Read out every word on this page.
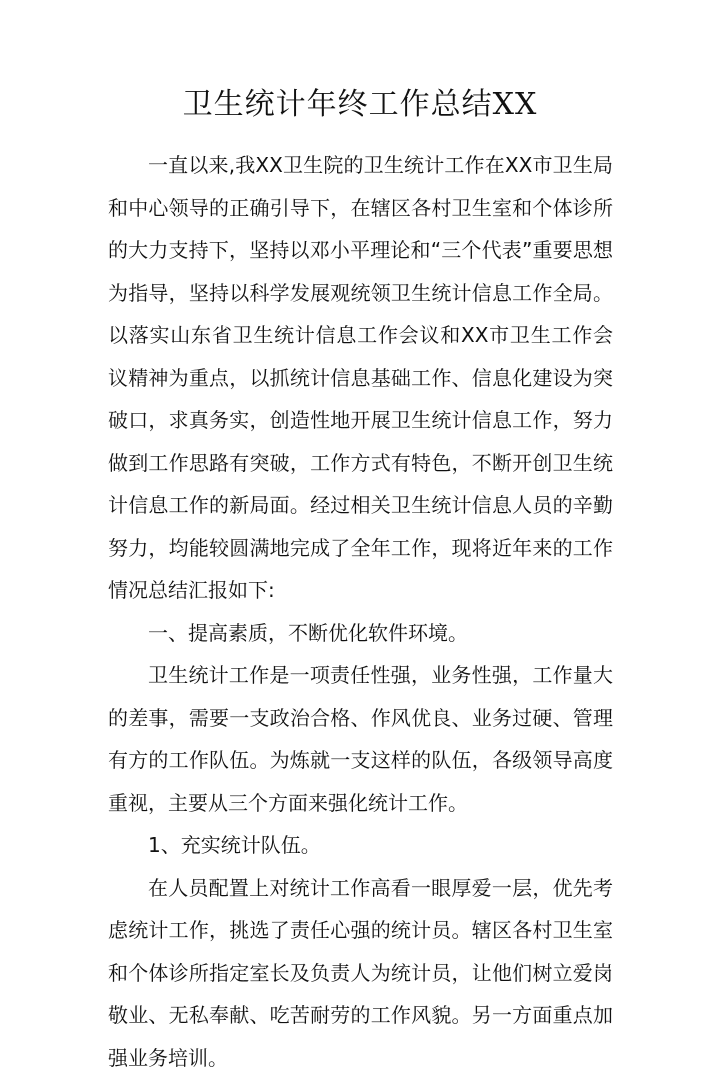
卫生统计年终工作总结XX

一直以来,我XX卫生院的卫生统计工作在XX市卫生局和中心领导的正确引导下，在辖区各村卫生室和个体诊所的大力支持下，坚持以邓小平理论和“三个代表”重要思想为指导，坚持以科学发展观统领卫生统计信息工作全局。以落实山东省卫生统计信息工作会议和XX市卫生工作会议精神为重点，以抓统计信息基础工作、信息化建设为突破口，求真务实，创造性地开展卫生统计信息工作，努力做到工作思路有突破，工作方式有特色，不断开创卫生统计信息工作的新局面。经过相关卫生统计信息人员的辛勤努力，均能较圆满地完成了全年工作，现将近年来的工作情况总结汇报如下:

一、提高素质，不断优化软件环境。

卫生统计工作是一项责任性强，业务性强，工作量大的差事，需要一支政治合格、作风优良、业务过硬、管理有方的工作队伍。为炼就一支这样的队伍，各级领导高度重视，主要从三个方面来强化统计工作。

1、充实统计队伍。

在人员配置上对统计工作高看一眼厚爱一层，优先考虑统计工作，挑选了责任心强的统计员。辖区各村卫生室和个体诊所指定室长及负责人为统计员，让他们树立爱岗敬业、无私奉献、吃苦耐劳的工作风貌。另一方面重点加强业务培训。
